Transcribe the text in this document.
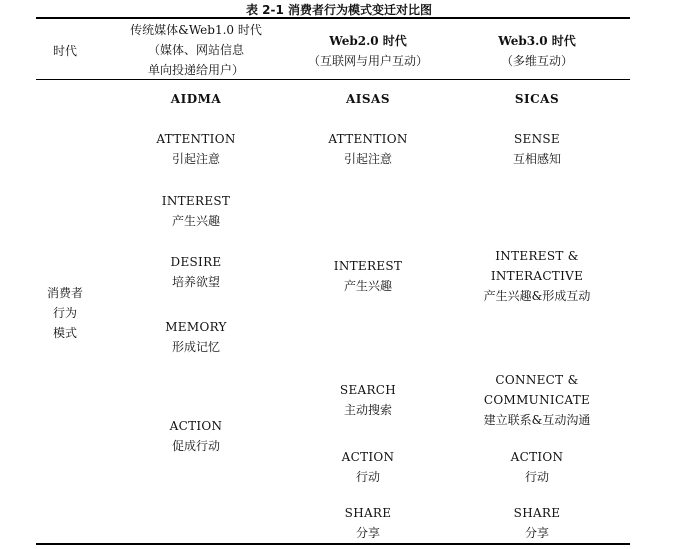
表 2-1 消费者行为模式变迁对比图
时代
传统媒体&Web1.0 时代
（媒体、网站信息
单向投递给用户）
Web2.0 时代
（互联网与用户互动）
Web3.0 时代
（多维互动）
消费者
行为
模式
AIDMA	AISAS	SICAS
ATTENTION
引起注意
INTEREST
产生兴趣
DESIRE
培养欲望
MEMORY
形成记忆
ACTION
促成行动
ATTENTION
引起注意
INTEREST
产生兴趣
SEARCH
主动搜索
ACTION
行动
SHARE
分享
SENSE
互相感知
INTEREST &
INTERACTIVE
产生兴趣&形成互动
CONNECT &
COMMUNICATE
建立联系&互动沟通
ACTION
行动
SHARE
分享
